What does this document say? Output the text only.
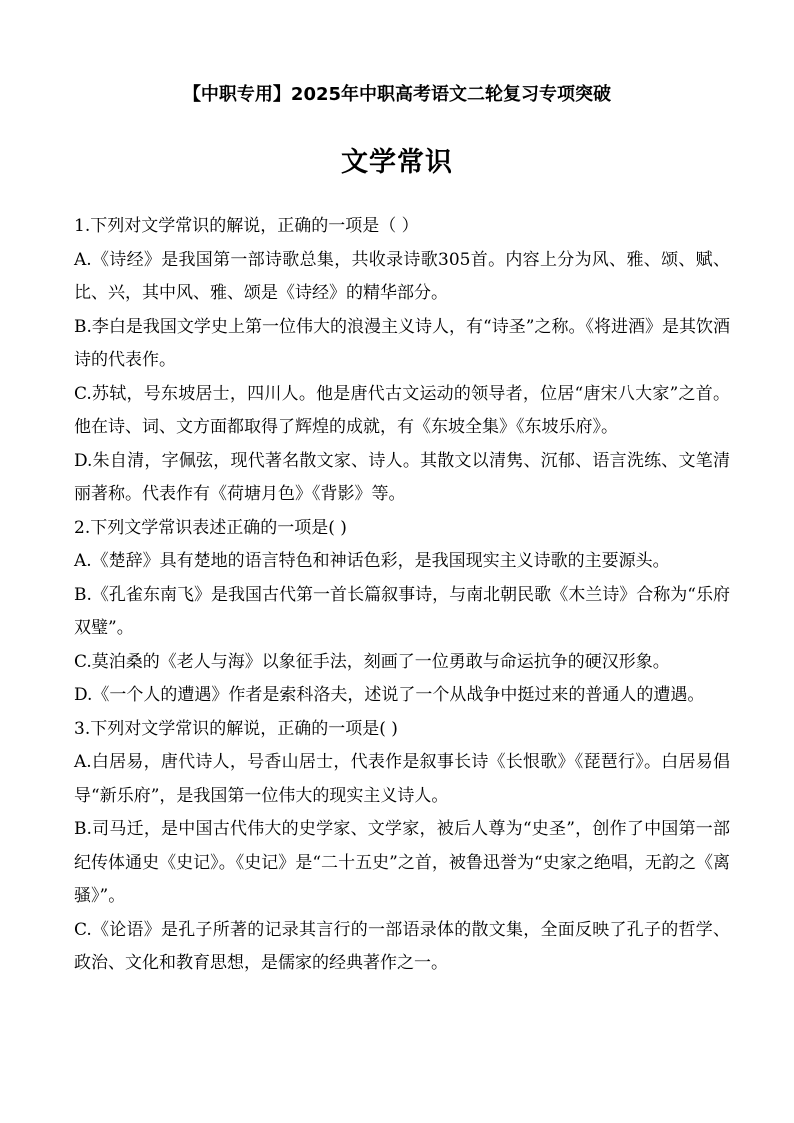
【中职专用】2025年中职高考语文二轮复习专项突破
文学常识

1.下列对文学常识的解说，正确的一项是（ ）

A.《诗经》是我国第一部诗歌总集，共收录诗歌305首。内容上分为风、雅、颂、赋、比、兴，其中风、雅、颂是《诗经》的精华部分。

B.李白是我国文学史上第一位伟大的浪漫主义诗人，有“诗圣”之称。《将进酒》是其饮酒诗的代表作。

C.苏轼，号东坡居士，四川人。他是唐代古文运动的领导者，位居“唐宋八大家”之首。他在诗、词、文方面都取得了辉煌的成就，有《东坡全集》《东坡乐府》。

D.朱自清，字佩弦，现代著名散文家、诗人。其散文以清隽、沉郁、语言洗练、文笔清丽著称。代表作有《荷塘月色》《背影》等。

2.下列文学常识表述正确的一项是( )

A.《楚辞》具有楚地的语言特色和神话色彩，是我国现实主义诗歌的主要源头。

B.《孔雀东南飞》是我国古代第一首长篇叙事诗，与南北朝民歌《木兰诗》合称为“乐府双璧”。

C.莫泊桑的《老人与海》以象征手法，刻画了一位勇敢与命运抗争的硬汉形象。

D.《一个人的遭遇》作者是索科洛夫，述说了一个从战争中挺过来的普通人的遭遇。

3.下列对文学常识的解说，正确的一项是( )

A.白居易，唐代诗人，号香山居士，代表作是叙事长诗《长恨歌》《琵琶行》。白居易倡导“新乐府”，是我国第一位伟大的现实主义诗人。

B.司马迁，是中国古代伟大的史学家、文学家，被后人尊为“史圣”，创作了中国第一部纪传体通史《史记》。《史记》是“二十五史”之首，被鲁迅誉为“史家之绝唱，无韵之《离骚》”。

C.《论语》是孔子所著的记录其言行的一部语录体的散文集，全面反映了孔子的哲学、政治、文化和教育思想，是儒家的经典著作之一。
